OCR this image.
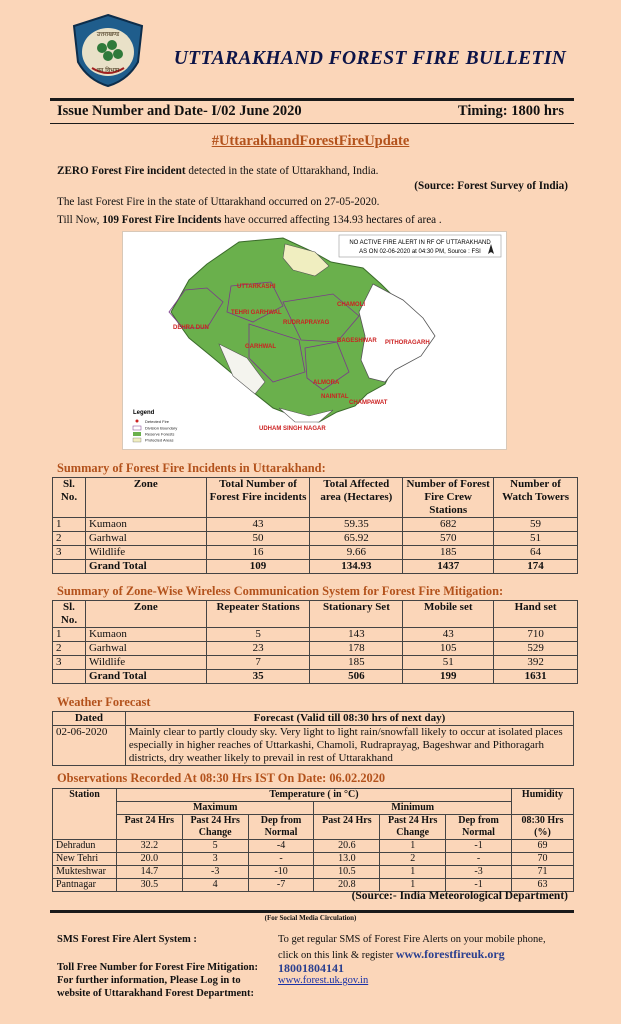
उत्तराखण्ड
वन विभाग
UTTARAKHAND FOREST FIRE BULLETIN
Issue Number and Date- I/02 June 2020	Timing: 1800 hrs
#UttarakhandForestFireUpdate
ZERO Forest Fire incident detected in the state of Uttarakhand, India.
(Source: Forest Survey of India)
The last Forest Fire in the state of Uttarakhand occurred on 27-05-2020.
Till Now, 109 Forest Fire Incidents have occurred affecting 134.93 hectares of area .
NO ACTIVE FIRE ALERT IN RF OF UTTARAKHAND
AS ON 02-06-2020 at 04:30 PM, Source : FSI
UTTARKASHI
CHAMOLI
DEHRA DUN
TEHRI GARHWAL
RUDRAPRAYAG
PITHORAGARH
GARHWAL
BAGESHWAR
ALMORA
NAINITAL
CHAMPAWAT
UDHAM SINGH NAGAR
Legend
Detected Fire
Division Boundary
Reserve Forests
Protected Areas
Summary of Forest Fire Incidents in Uttarakhand:
Sl. No.	Zone	Total Number of Forest Fire incidents	Total Affected area (Hectares)	Number of Forest Fire Crew Stations	Number of Watch Towers
1	Kumaon	43	59.35	682	59
2	Garhwal	50	65.92	570	51
3	Wildlife	16	9.66	185	64
	Grand Total	109	134.93	1437	174
Summary of Zone-Wise Wireless Communication System for Forest Fire Mitigation:
Sl. No.	Zone	Repeater Stations	Stationary Set	Mobile set	Hand set
1	Kumaon	5	143	43	710
2	Garhwal	23	178	105	529
3	Wildlife	7	185	51	392
	Grand Total	35	506	199	1631
Weather Forecast
Dated	Forecast (Valid till 08:30 hrs of next day)
02-06-2020	Mainly clear to partly cloudy sky. Very light to light rain/snowfall likely to occur at isolated places
especially in higher reaches of Uttarkashi, Chamoli, Rudraprayag, Bageshwar and Pithoragarh
districts, dry weather likely to prevail in rest of Uttarakhand
Observations Recorded At 08:30 Hrs IST On Date: 06.02.2020
Station	Temperature ( in °C)						Humidity
	Maximum			Minimum			
	Past 24 Hrs	Past 24 Hrs Change	Dep from Normal	Past 24 Hrs	Past 24 Hrs Change	Dep from Normal	08:30 Hrs (%)
Dehradun	32.2	5	-4	20.6	1	-1	69
New Tehri	20.0	3	-	13.0	2	-	70
Mukteshwar	14.7	-3	-10	10.5	1	-3	71
Pantnagar	30.5	4	-7	20.8	1	-1	63
(Source:- India Meteorological Department)
(For Social Media Circulation)
SMS Forest Fire Alert System :	To get regular SMS of Forest Fire Alerts on your mobile phone,
click on this link & register www.forestfireuk.org
Toll Free Number for Forest Fire Mitigation: 18001804141
For further information, Please Log in to	www.forest.uk.gov.in
website of Uttarakhand Forest Department:
